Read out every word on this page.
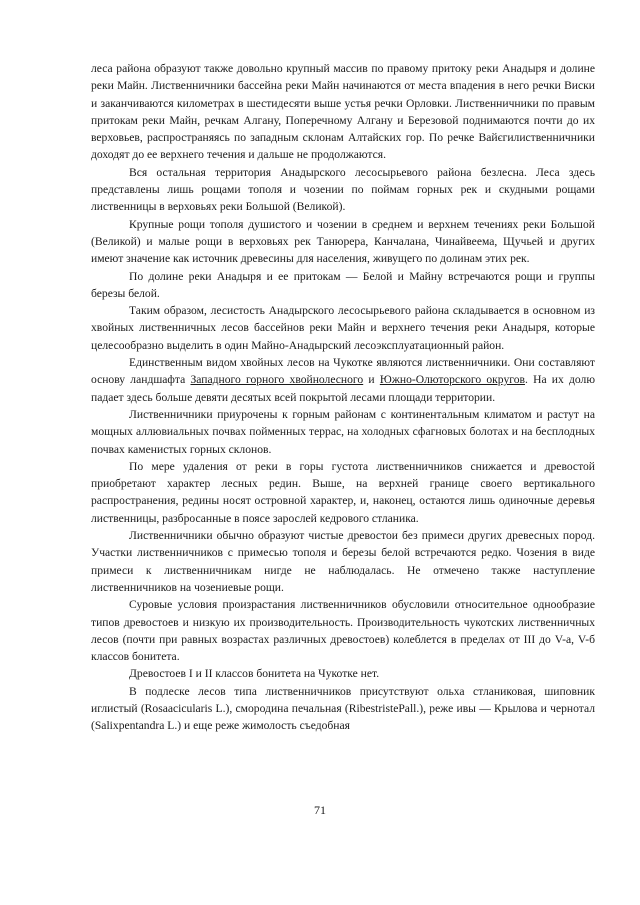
леса района образуют также довольно крупный массив по правому притоку реки Анадыря и долине реки Майн. Лиственничники бассейна реки Майн начинаются от места впадения в него речки Виски и заканчиваются километрах в шестидесяти выше устья речки Орловки. Лиственничники по правым притокам реки Майн, речкам Алгану, Поперечному Алгану и Березовой поднимаются почти до их верховьев, распространяясь по западным склонам Алтайских гор. По речке Вайєгилиственничники доходят до ее верхнего течения и дальше не продолжаются.

Вся остальная территория Анадырского лесосырьевого района безлесна. Леса здесь представлены лишь рощами тополя и чозении по поймам горных рек и скудными рощами лиственницы в верховьях реки Большой (Великой).

Крупные рощи тополя душистого и чозении в среднем и верхнем течениях реки Большой (Великой) и малые рощи в верховьях рек Танюрера, Канчалана, Чинайвеема, Щучьей и других имеют значение как источник древесины для населения, живущего по долинам этих рек.

По долине реки Анадыря и ее притокам — Белой и Майну встречаются рощи и группы березы белой.

Таким образом, лесистость Анадырского лесосырьевого района складывается в основном из хвойных лиственничных лесов бассейнов реки Майн и верхнего течения реки Анадыря, которые целесообразно выделить в один Майно-Анадырский лесоэксплуатационный район.

Единственным видом хвойных лесов на Чукотке являются лиственничники. Они составляют основу ландшафта Западного горного хвойнолесного и Южно-Олюторского округов. На их долю падает здесь больше девяти десятых всей покрытой лесами площади территории.

Лиственничники приурочены к горным районам с континентальным климатом и растут на мощных аллювиальных почвах пойменных террас, на холодных сфагновых болотах и на бесплодных почвах каменистых горных склонов.

По мере удаления от реки в горы густота лиственничников снижается и древостой приобретают характер лесных редин. Выше, на верхней границе своего вертикального распространения, редины носят островной характер, и, наконец, остаются лишь одиночные деревья лиственницы, разбросанные в поясе зарослей кедрового стланика.

Лиственничники обычно образуют чистые древостои без примеси других древесных пород. Участки лиственничников с примесью тополя и березы белой встречаются редко. Чозения в виде примеси к лиственничникам нигде не наблюдалась. Не отмечено также наступление лиственничников на чозениевые рощи.

Суровые условия произрастания лиственничников обусловили относительное однообразие типов древостоев и низкую их производительность. Производительность чукотских лиственничных лесов (почти при равных возрастах различных древостоев) колеблется в пределах от III до V-а, V-б классов бонитета.

Древостоев I и II классов бонитета на Чукотке нет.

В подлеске лесов типа лиственничников присутствуют ольха стланиковая, шиповник иглистый (Rosaacicularis L.), смородина печальная (RibestristePall.), реже ивы — Крылова и чернотал (Salixpentandra L.) и еще реже жимолость съедобная

71
